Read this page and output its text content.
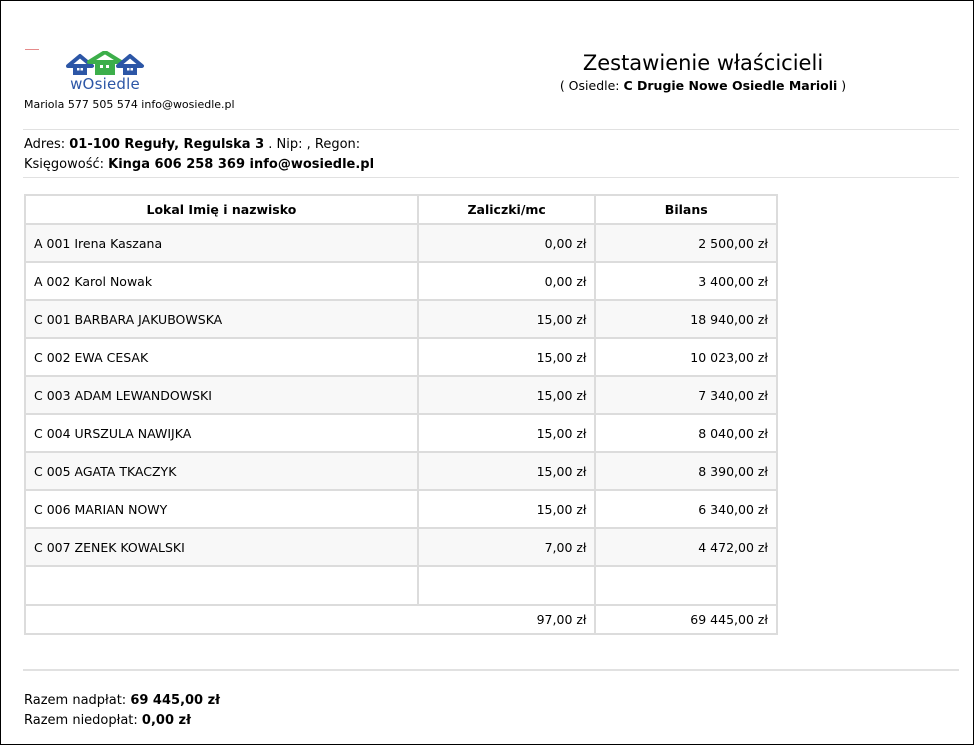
wOsiedle
Mariola 577 505 574 info@wosiedle.pl
Zestawienie właścicieli
( Osiedle: C Drugie Nowe Osiedle Marioli )
Adres: 01-100 Reguły, Regulska 3 . Nip: , Regon:
Księgowość: Kinga 606 258 369 info@wosiedle.pl
Lokal Imię i nazwisko	Zaliczki/mc	Bilans
A 001 Irena Kaszana	0,00 zł	2 500,00 zł
A 002 Karol Nowak	0,00 zł	3 400,00 zł
C 001 BARBARA JAKUBOWSKA	15,00 zł	18 940,00 zł
C 002 EWA CESAK	15,00 zł	10 023,00 zł
C 003 ADAM LEWANDOWSKI	15,00 zł	7 340,00 zł
C 004 URSZULA NAWIJKA	15,00 zł	8 040,00 zł
C 005 AGATA TKACZYK	15,00 zł	8 390,00 zł
C 006 MARIAN NOWY	15,00 zł	6 340,00 zł
C 007 ZENEK KOWALSKI	7,00 zł	4 472,00 zł

	97,00 zł	69 445,00 zł
Razem nadpłat: 69 445,00 zł
Razem niedopłat: 0,00 zł
